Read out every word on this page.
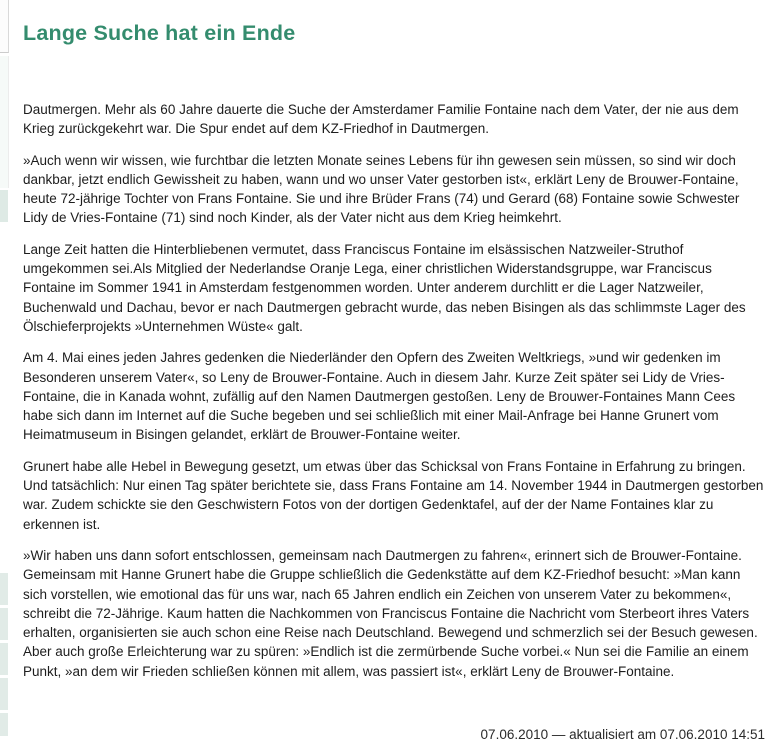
Lange Suche hat ein Ende

Dautmergen. Mehr als 60 Jahre dauerte die Suche der Amsterdamer Familie Fontaine nach dem Vater, der nie aus dem Krieg zurückgekehrt war. Die Spur endet auf dem KZ-Friedhof in Dautmergen.

»Auch wenn wir wissen, wie furchtbar die letzten Monate seines Lebens für ihn gewesen sein müssen, so sind wir doch dankbar, jetzt endlich Gewissheit zu haben, wann und wo unser Vater gestorben ist«, erklärt Leny de Brouwer-Fontaine, heute 72-jährige Tochter von Frans Fontaine. Sie und ihre Brüder Frans (74) und Gerard (68) Fontaine sowie Schwester Lidy de Vries-Fontaine (71) sind noch Kinder, als der Vater nicht aus dem Krieg heimkehrt.

Lange Zeit hatten die Hinterbliebenen vermutet, dass Franciscus Fontaine im elsässischen Natzweiler-Struthof umgekommen sei.Als Mitglied der Nederlandse Oranje Lega, einer christlichen Widerstandsgruppe, war Franciscus Fontaine im Sommer 1941 in Amsterdam festgenommen worden. Unter anderem durchlitt er die Lager Natzweiler, Buchenwald und Dachau, bevor er nach Dautmergen gebracht wurde, das neben Bisingen als das schlimmste Lager des Ölschieferprojekts »Unternehmen Wüste« galt.

Am 4. Mai eines jeden Jahres gedenken die Niederländer den Opfern des Zweiten Weltkriegs, »und wir gedenken im Besonderen unserem Vater«, so Leny de Brouwer-Fontaine. Auch in diesem Jahr. Kurze Zeit später sei Lidy de Vries-Fontaine, die in Kanada wohnt, zufällig auf den Namen Dautmergen gestoßen. Leny de Brouwer-Fontaines Mann Cees habe sich dann im Internet auf die Suche begeben und sei schließlich mit einer Mail-Anfrage bei Hanne Grunert vom Heimatmuseum in Bisingen gelandet, erklärt de Brouwer-Fontaine weiter.

Grunert habe alle Hebel in Bewegung gesetzt, um etwas über das Schicksal von Frans Fontaine in Erfahrung zu bringen. Und tatsächlich: Nur einen Tag später berichtete sie, dass Frans Fontaine am 14. November 1944 in Dautmergen gestorben war. Zudem schickte sie den Geschwistern Fotos von der dortigen Gedenktafel, auf der der Name Fontaines klar zu erkennen ist.

»Wir haben uns dann sofort entschlossen, gemeinsam nach Dautmergen zu fahren«, erinnert sich de Brouwer-Fontaine. Gemeinsam mit Hanne Grunert habe die Gruppe schließlich die Gedenkstätte auf dem KZ-Friedhof besucht: »Man kann sich vorstellen, wie emotional das für uns war, nach 65 Jahren endlich ein Zeichen von unserem Vater zu bekommen«, schreibt die 72-Jährige. Kaum hatten die Nachkommen von Franciscus Fontaine die Nachricht vom Sterbeort ihres Vaters erhalten, organisierten sie auch schon eine Reise nach Deutschland. Bewegend und schmerzlich sei der Besuch gewesen. Aber auch große Erleichterung war zu spüren: »Endlich ist die zermürbende Suche vorbei.« Nun sei die Familie an einem Punkt, »an dem wir Frieden schließen können mit allem, was passiert ist«, erklärt Leny de Brouwer-Fontaine.

07.06.2010 — aktualisiert am 07.06.2010 14:51
